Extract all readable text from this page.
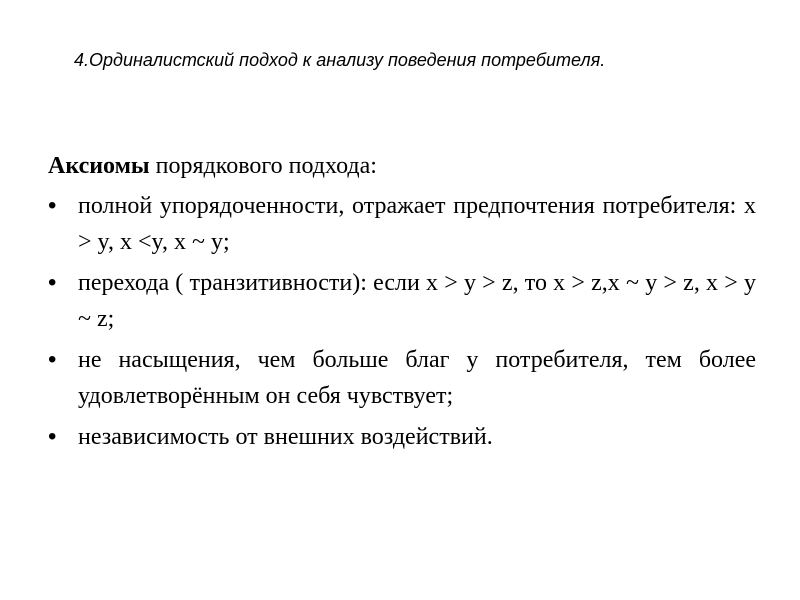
4.Ординалистский подход к анализу поведения потребителя.

Аксиомы порядкового подхода:

• полной упорядоченности, отражает предпочтения потребителя: x > y, x <y, x ~ y;
• перехода ( транзитивности): если x > y > z, то x > z,x ~ y > z, x > y ~ z;
• не насыщения, чем больше благ у потребителя, тем более удовлетворённым он себя чувствует;
• независимость от внешних воздействий.
